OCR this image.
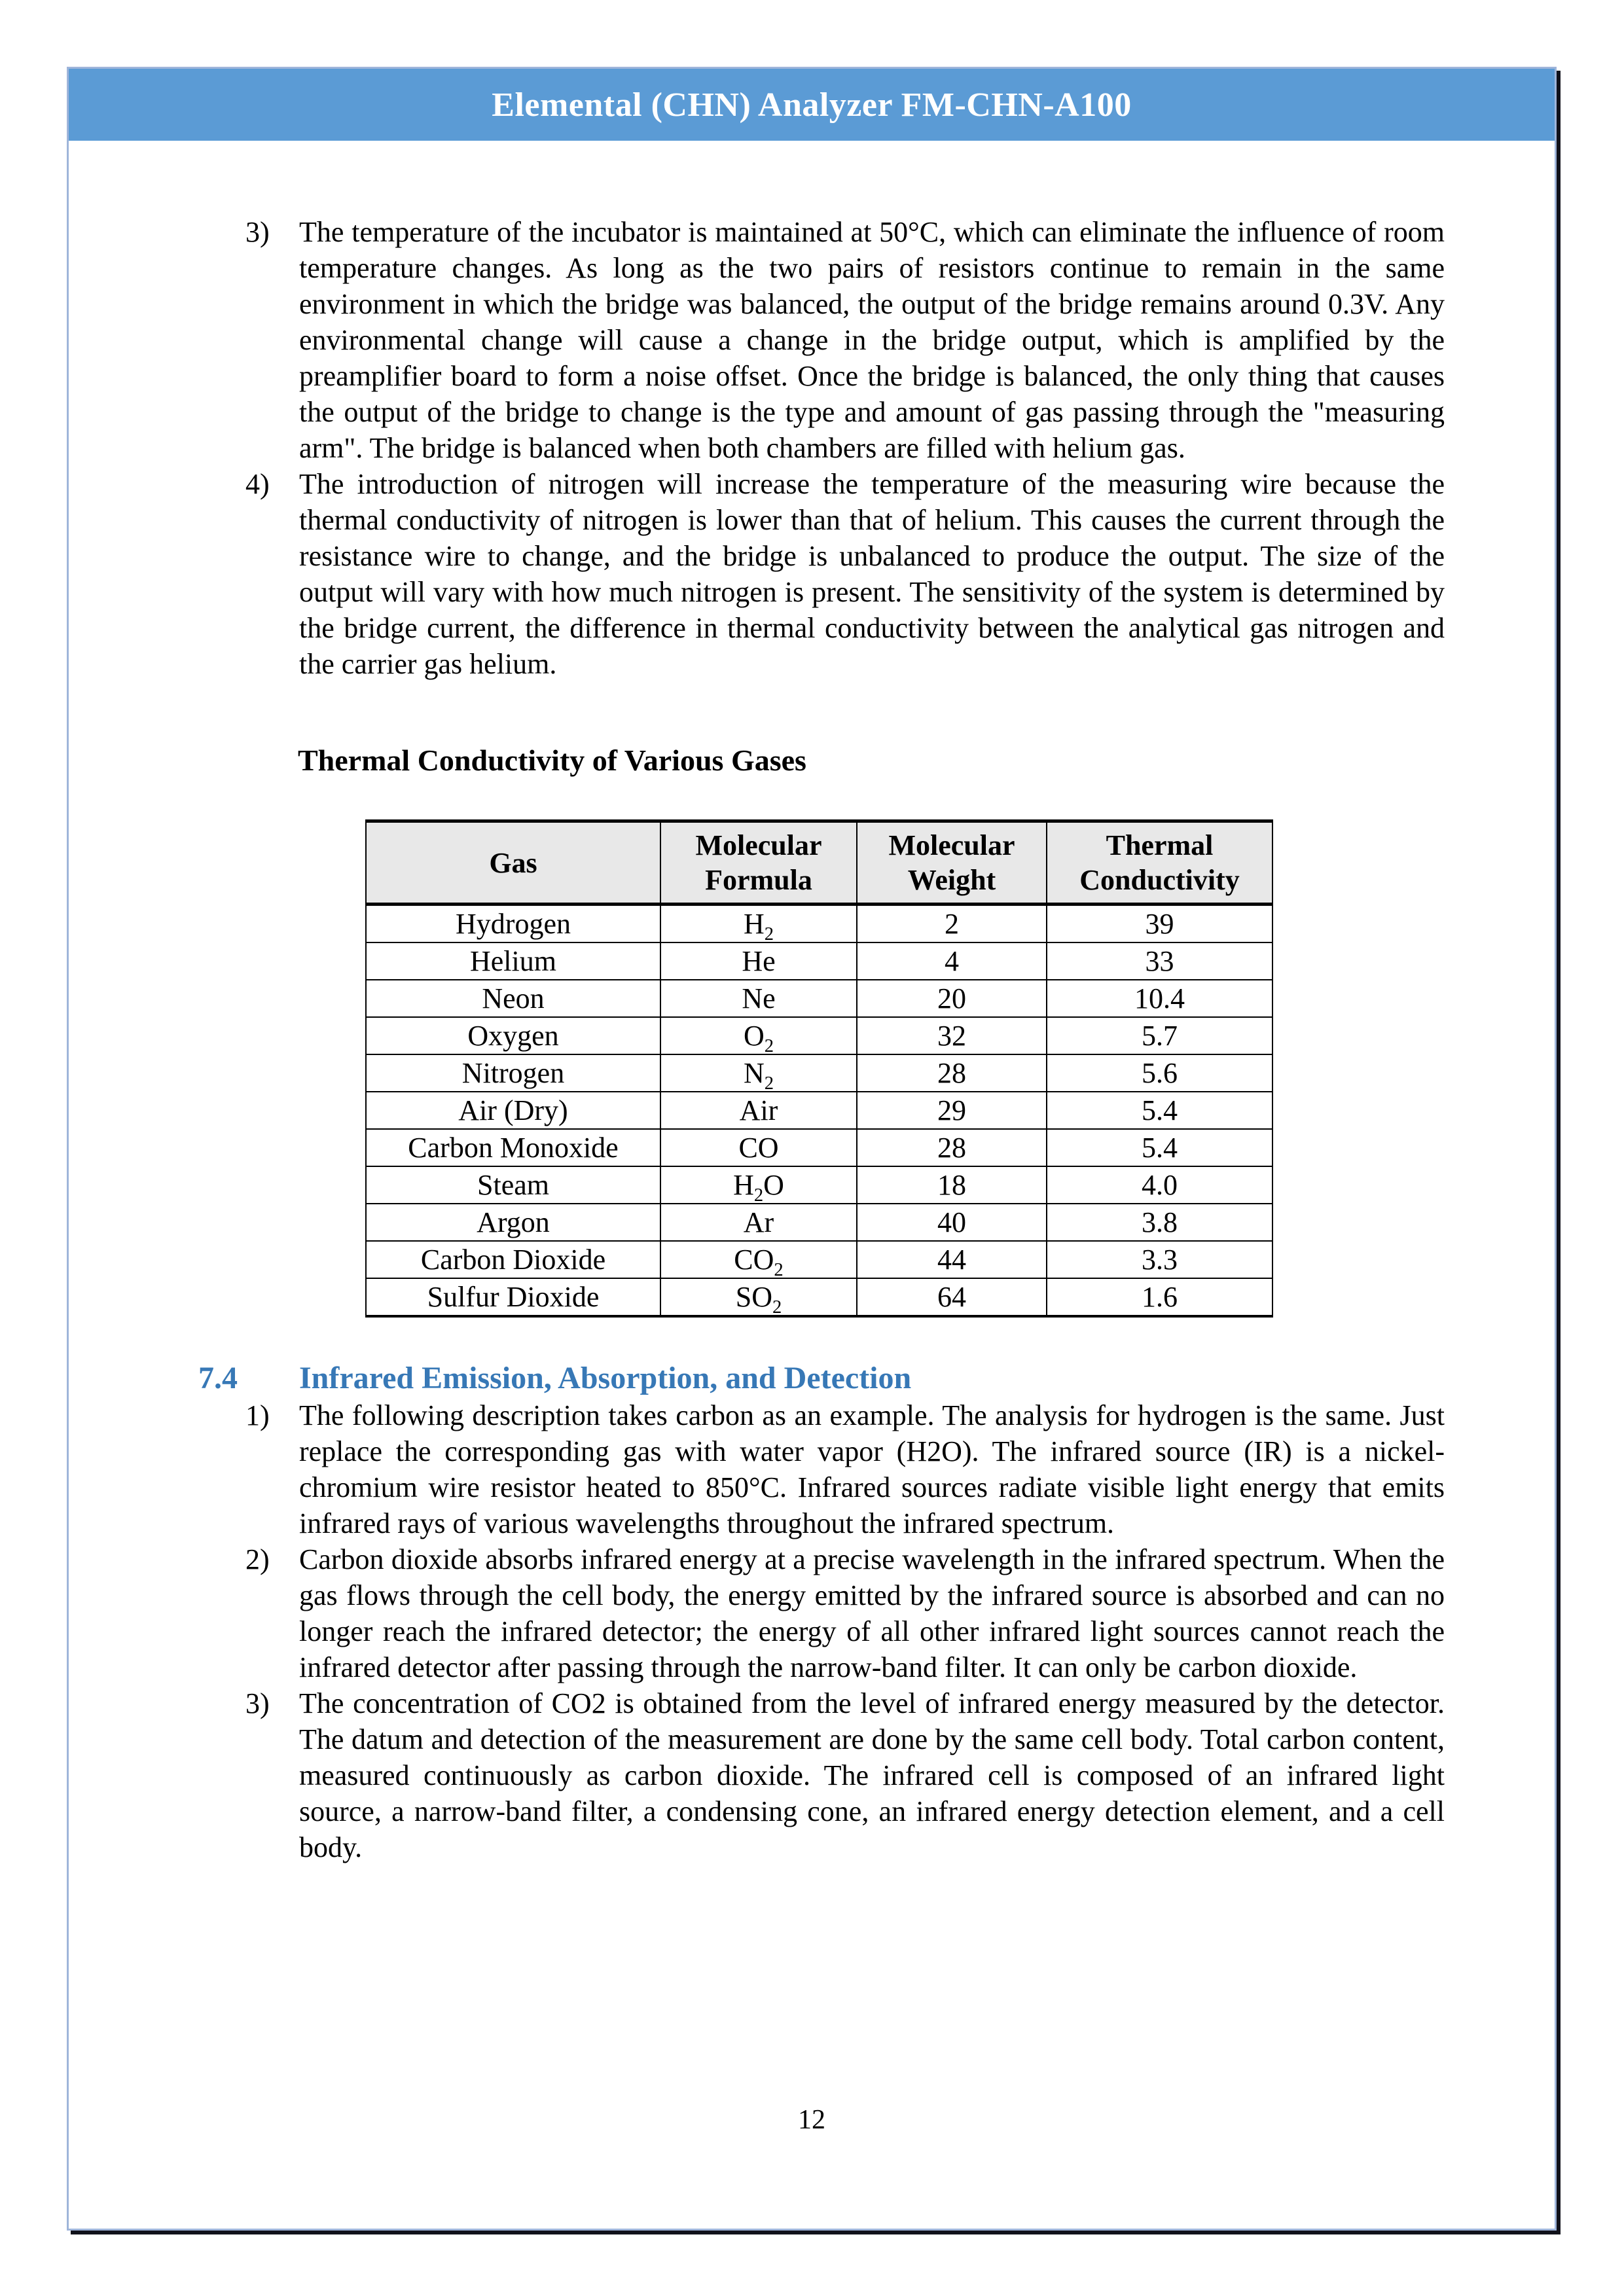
Elemental (CHN) Analyzer FM-CHN-A100
3)	The temperature of the incubator is maintained at 50°C, which can eliminate the influence of room temperature changes. As long as the two pairs of resistors continue to remain in the same environment in which the bridge was balanced, the output of the bridge remains around 0.3V. Any environmental change will cause a change in the bridge output, which is amplified by the preamplifier board to form a noise offset. Once the bridge is balanced, the only thing that causes the output of the bridge to change is the type and amount of gas passing through the "measuring arm". The bridge is balanced when both chambers are filled with helium gas.
4)	The introduction of nitrogen will increase the temperature of the measuring wire because the thermal conductivity of nitrogen is lower than that of helium. This causes the current through the resistance wire to change, and the bridge is unbalanced to produce the output. The size of the output will vary with how much nitrogen is present. The sensitivity of the system is determined by the bridge current, the difference in thermal conductivity between the analytical gas nitrogen and the carrier gas helium.
Thermal Conductivity of Various Gases
Gas	Molecular Formula	Molecular Weight	Thermal Conductivity
Hydrogen	$H_2$	2	39
Helium	He	4	33
Neon	Ne	20	10.4
Oxygen	$O_2$	32	5.7
Nitrogen	$N_2$	28	5.6
Air (Dry)	Air	29	5.4
Carbon Monoxide	CO	28	5.4
Steam	$H_2O$	18	4.0
Argon	Ar	40	3.8
Carbon Dioxide	$CO_2$	44	3.3
Sulfur Dioxide	$SO_2$	64	1.6
7.4	Infrared Emission, Absorption, and Detection
1)	The following description takes carbon as an example. The analysis for hydrogen is the same. Just replace the corresponding gas with water vapor (H2O). The infrared source (IR) is a nickel-chromium wire resistor heated to 850°C. Infrared sources radiate visible light energy that emits infrared rays of various wavelengths throughout the infrared spectrum.
2)	Carbon dioxide absorbs infrared energy at a precise wavelength in the infrared spectrum. When the gas flows through the cell body, the energy emitted by the infrared source is absorbed and can no longer reach the infrared detector; the energy of all other infrared light sources cannot reach the infrared detector after passing through the narrow-band filter. It can only be carbon dioxide.
3)	The concentration of CO2 is obtained from the level of infrared energy measured by the detector. The datum and detection of the measurement are done by the same cell body. Total carbon content, measured continuously as carbon dioxide. The infrared cell is composed of an infrared light source, a narrow-band filter, a condensing cone, an infrared energy detection element, and a cell body.
12
